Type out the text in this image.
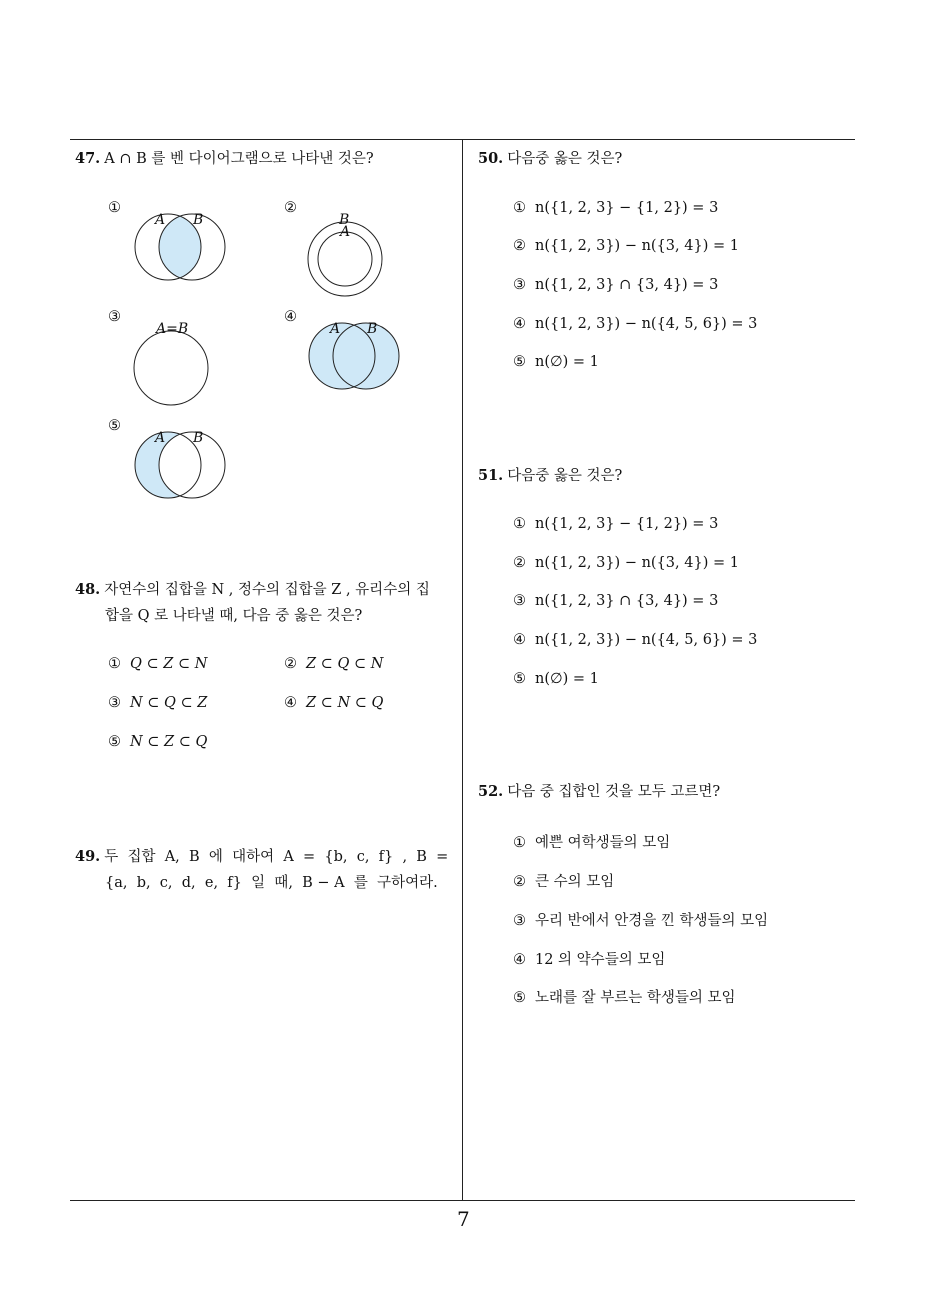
47. A ∩ B 를 벤 다이어그램으로 나타낸 것은?
①
A B
②
B
A
③
A=B
④
A B
⑤
A B
48. 자연수의 집합을 N , 정수의 집합을 Z , 유리수의 집
합을 Q 로 나타낼 때, 다음 중 옳은 것은?
① Q ⊂ Z ⊂ N	② Z ⊂ Q ⊂ N
③ N ⊂ Q ⊂ Z	④ Z ⊂ N ⊂ Q
⑤ N ⊂ Z ⊂ Q
49. 두  집합  A,  B  에  대하여  A  =  {b,  c,  f}  ,  B  =
{a,  b,  c,  d,  e,  f}  일  때,  B − A  를  구하여라.
50. 다음중 옳은 것은?
① n({1, 2, 3} − {1, 2}) = 3
② n({1, 2, 3}) − n({3, 4}) = 1
③ n({1, 2, 3} ∩ {3, 4}) = 3
④ n({1, 2, 3}) − n({4, 5, 6}) = 3
⑤ n(∅) = 1
51. 다음중 옳은 것은?
① n({1, 2, 3} − {1, 2}) = 3
② n({1, 2, 3}) − n({3, 4}) = 1
③ n({1, 2, 3} ∩ {3, 4}) = 3
④ n({1, 2, 3}) − n({4, 5, 6}) = 3
⑤ n(∅) = 1
52. 다음 중 집합인 것을 모두 고르면?
① 예쁜 여학생들의 모임
② 큰 수의 모임
③ 우리 반에서 안경을 낀 학생들의 모임
④ 12 의 약수들의 모임
⑤ 노래를 잘 부르는 학생들의 모임
7
